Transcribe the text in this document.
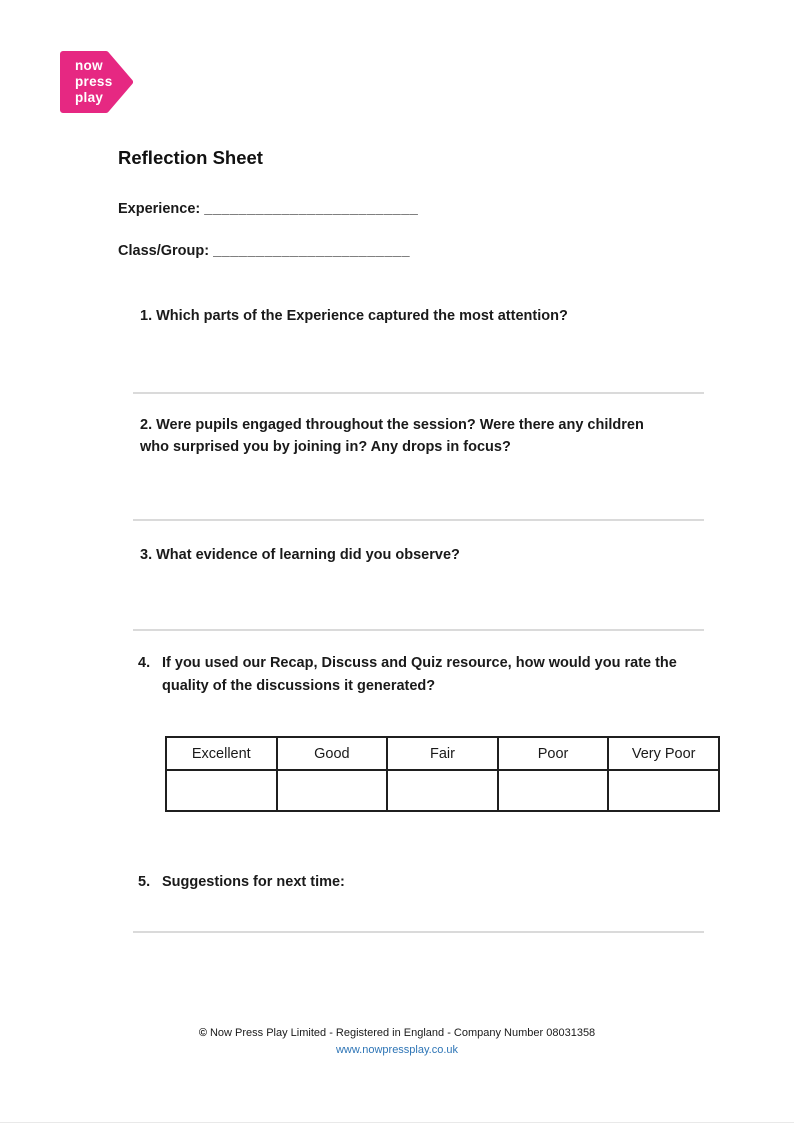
now
press
play
Reflection Sheet
Experience: _________________________
Class/Group: _______________________

1. Which parts of the Experience captured the most attention?

2. Were pupils engaged throughout the session? Were there any children who surprised you by joining in? Any drops in focus?

3. What evidence of learning did you observe?

4. If you used our Recap, Discuss and Quiz resource, how would you rate the quality of the discussions it generated?
Excellent	Good	Fair	Poor	Very Poor

5. Suggestions for next time:
© Now Press Play Limited - Registered in England - Company Number 08031358
www.nowpressplay.co.uk
